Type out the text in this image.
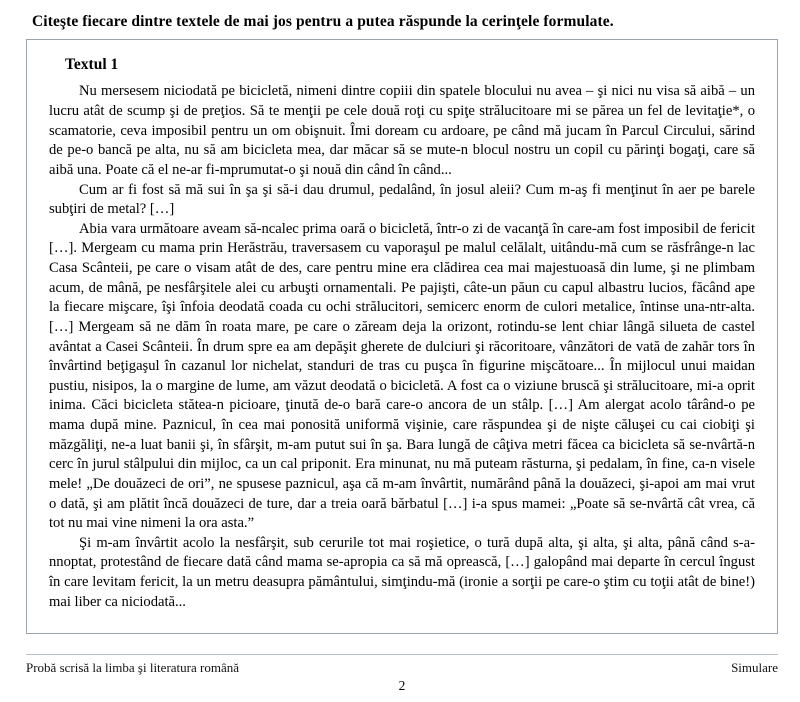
Citeşte fiecare dintre textele de mai jos pentru a putea răspunde la cerinţele formulate.
Textul 1

Nu mersesem niciodată pe bicicletă, nimeni dintre copiii din spatele blocului nu avea – şi nici nu visa să aibă – un lucru atât de scump şi de preţios. Să te menţii pe cele două roţi cu spiţe strălucitoare mi se părea un fel de levitaţie*, o scamatorie, ceva imposibil pentru un om obişnuit. Îmi doream cu ardoare, pe când mă jucam în Parcul Circului, sărind de pe-o bancă pe alta, nu să am bicicleta mea, dar măcar să se mute-n blocul nostru un copil cu părinţi bogaţi, care să aibă una. Poate că el ne-ar fi-mprumutat-o şi nouă din când în când...

Cum ar fi fost să mă sui în şa şi să-i dau drumul, pedalând, în josul aleii? Cum m-aş fi menţinut în aer pe barele subţiri de metal? […]

Abia vara următoare aveam să-ncalec prima oară o bicicletă, într-o zi de vacanţă în care-am fost imposibil de fericit […]. Mergeam cu mama prin Herăstrău, traversasem cu vaporaşul pe malul celălalt, uitându-mă cum se răsfrânge-n lac Casa Scânteii, pe care o visam atât de des, care pentru mine era clădirea cea mai majestuoasă din lume, şi ne plimbam acum, de mână, pe nesfârşitele alei cu arbuşti ornamentali. Pe pajişti, câte-un păun cu capul albastru lucios, făcând ape la fiecare mişcare, îşi înfoia deodată coada cu ochi strălucitori, semicerc enorm de culori metalice, întinse una-ntr-alta. […] Mergeam să ne dăm în roata mare, pe care o zăream deja la orizont, rotindu-se lent chiar lângă silueta de castel avântat a Casei Scânteii. În drum spre ea am depăşit gherete de dulciuri şi răcoritoare, vânzători de vată de zahăr tors în învârtind beţigaşul în cazanul lor nichelat, standuri de tras cu puşca în figurine mişcătoare... În mijlocul unui maidan pustiu, nisipos, la o margine de lume, am văzut deodată o bicicletă. A fost ca o viziune bruscă şi strălucitoare, mi-a oprit inima. Căci bicicleta stătea-n picioare, ţinută de-o bară care-o ancora de un stâlp. […] Am alergat acolo târând-o pe mama după mine. Paznicul, în cea mai ponosită uniformă vişinie, care răspundea şi de nişte căluşei cu cai ciobiţi şi măzgăliţi, ne-a luat banii şi, în sfârşit, m-am putut sui în şa. Bara lungă de câţiva metri făcea ca bicicleta să se-nvârtă-n cerc în jurul stâlpului din mijloc, ca un cal priponit. Era minunat, nu mă puteam răsturna, şi pedalam, în fine, ca-n visele mele! „De douăzeci de ori”, ne spusese paznicul, aşa că m-am învârtit, numărând până la douăzeci, şi-apoi am mai vrut o dată, şi am plătit încă douăzeci de ture, dar a treia oară bărbatul […] i-a spus mamei: „Poate să se-nvârtă cât vrea, că tot nu mai vine nimeni la ora asta.”

Şi m-am învârtit acolo la nesfârşit, sub cerurile tot mai roşietice, o tură după alta, şi alta, şi alta, până când s-a-nnoptat, protestând de fiecare dată când mama se-apropia ca să mă oprească, […] galopând mai departe în cercul îngust în care levitam fericit, la un metru deasupra pământului, simţindu-mă (ironie a sorţii pe care-o ştim cu toţii atât de bine!) mai liber ca niciodată...

Probă scrisă la limba şi literatura română	Simulare
2
